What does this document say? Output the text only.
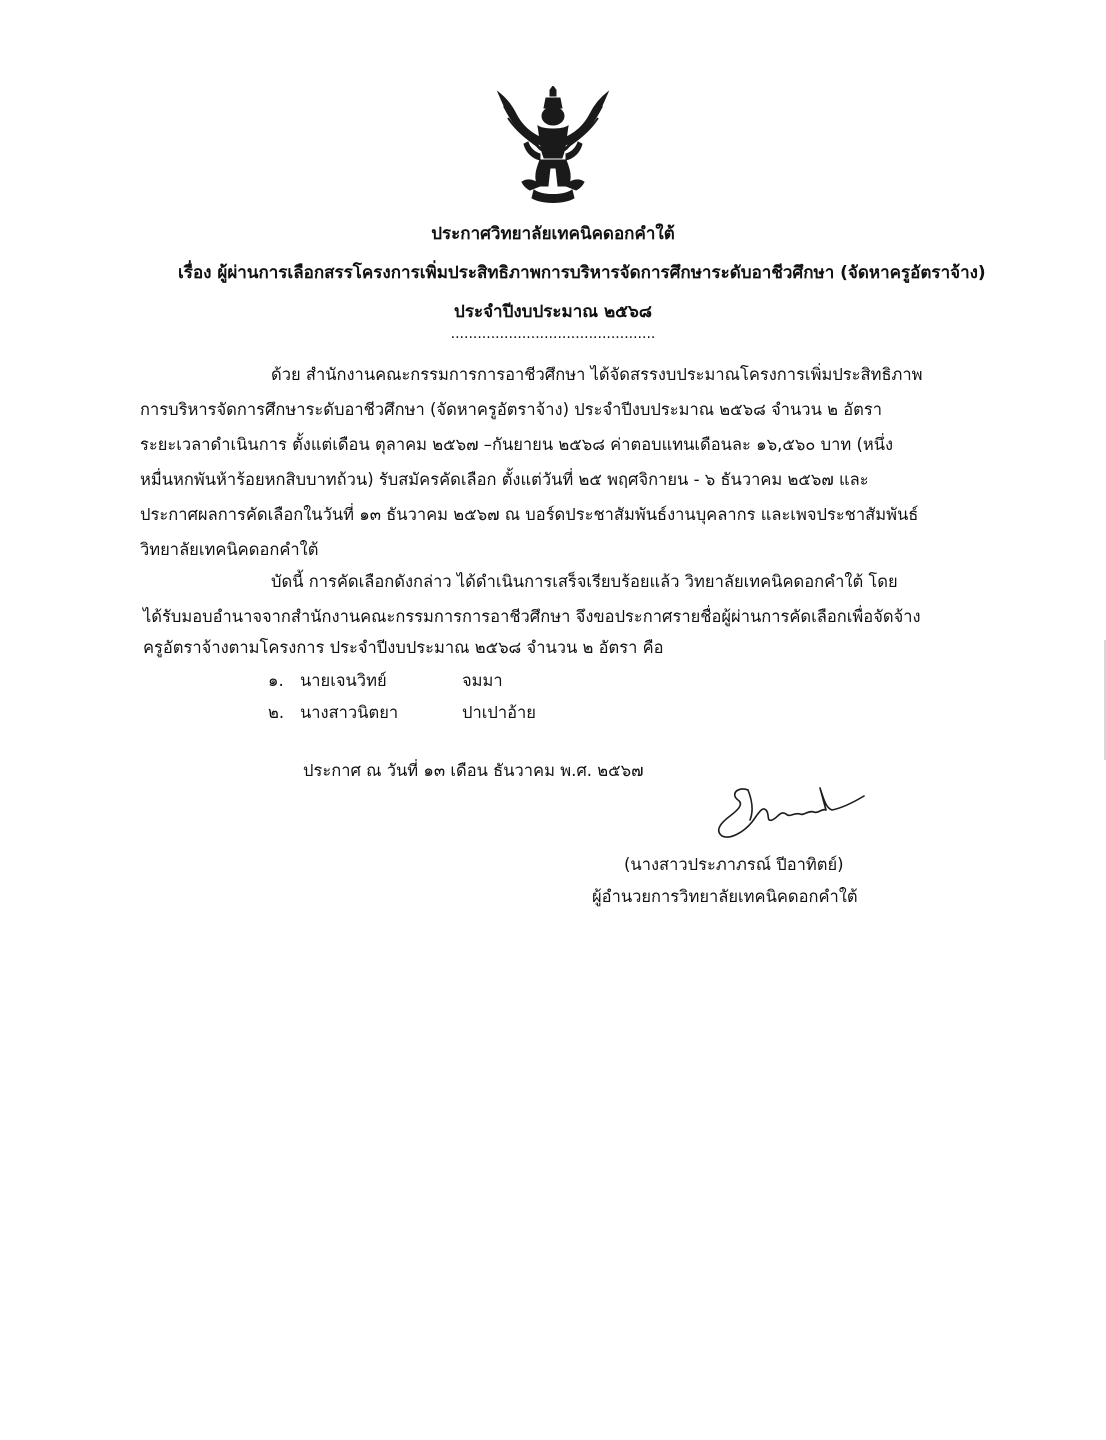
ประกาศวิทยาลัยเทคนิคดอกคำใต้
เรื่อง ผู้ผ่านการเลือกสรรโครงการเพิ่มประสิทธิภาพการบริหารจัดการศึกษาระดับอาชีวศึกษา (จัดหาครูอัตราจ้าง)
ประจำปีงบประมาณ ๒๕๖๘
..............................................
ด้วย สำนักงานคณะกรรมการการอาชีวศึกษา ได้จัดสรรงบประมาณโครงการเพิ่มประสิทธิภาพ
การบริหารจัดการศึกษาระดับอาชีวศึกษา (จัดหาครูอัตราจ้าง) ประจำปีงบประมาณ ๒๕๖๘ จำนวน ๒ อัตรา
ระยะเวลาดำเนินการ ตั้งแต่เดือน ตุลาคม ๒๕๖๗ –กันยายน ๒๕๖๘ ค่าตอบแทนเดือนละ ๑๖,๕๖๐ บาท (หนึ่ง
หมื่นหกพันห้าร้อยหกสิบบาทถ้วน) รับสมัครคัดเลือก ตั้งแต่วันที่ ๒๕ พฤศจิกายน - ๖ ธันวาคม ๒๕๖๗ และ
ประกาศผลการคัดเลือกในวันที่ ๑๓ ธันวาคม ๒๕๖๗ ณ บอร์ดประชาสัมพันธ์งานบุคลากร และเพจประชาสัมพันธ์
วิทยาลัยเทคนิคดอกคำใต้
บัดนี้ การคัดเลือกดังกล่าว ได้ดำเนินการเสร็จเรียบร้อยแล้ว วิทยาลัยเทคนิคดอกคำใต้ โดย
ได้รับมอบอำนาจจากสำนักงานคณะกรรมการการอาชีวศึกษา จึงขอประกาศรายชื่อผู้ผ่านการคัดเลือกเพื่อจัดจ้าง
ครูอัตราจ้างตามโครงการ ประจำปีงบประมาณ ๒๕๖๘ จำนวน ๒ อัตรา คือ
๑. นายเจนวิทย์	จมมา
๒. นางสาวนิตยา	ปาเปาอ้าย
ประกาศ ณ วันที่ ๑๓ เดือน ธันวาคม พ.ศ. ๒๕๖๗
(นางสาวประภาภรณ์ ปีอาทิตย์)
ผู้อำนวยการวิทยาลัยเทคนิคดอกคำใต้
